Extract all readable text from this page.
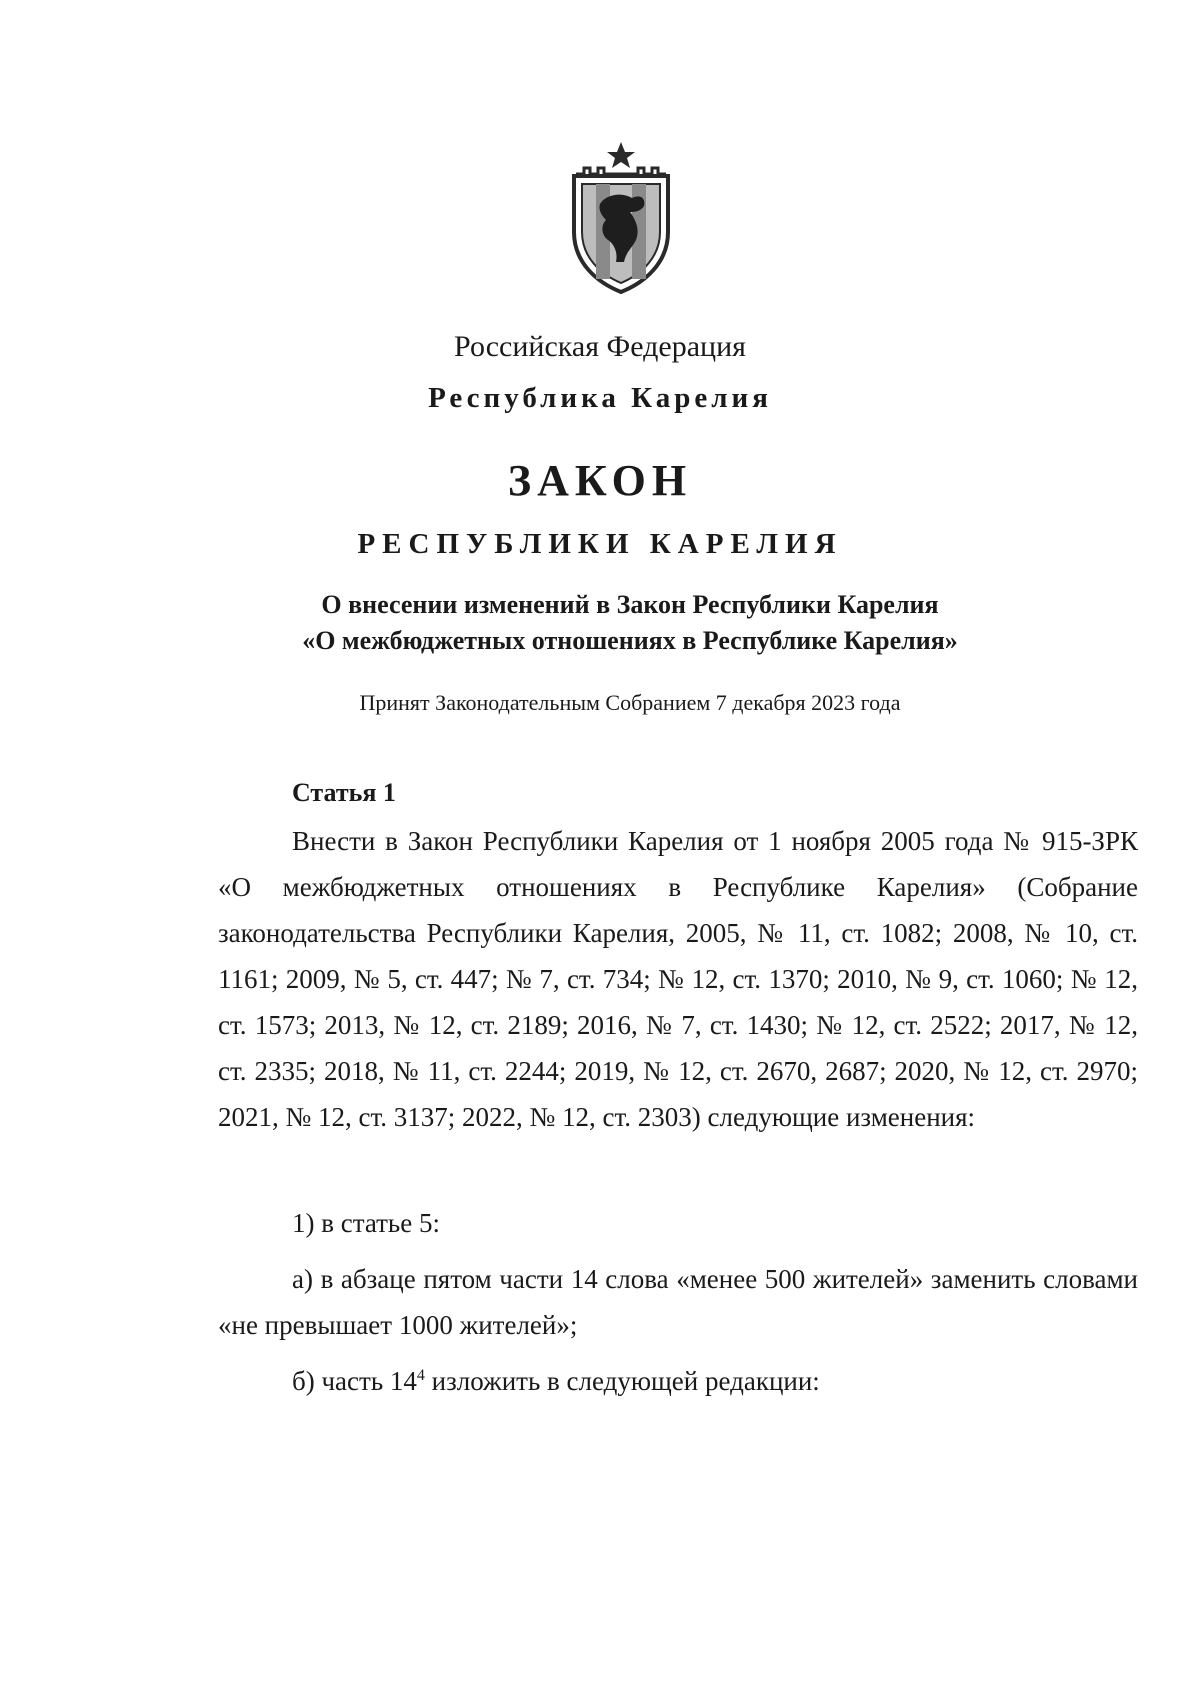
Российская Федерация
Республика Карелия
ЗАКОН
РЕСПУБЛИКИ КАРЕЛИЯ
О внесении изменений в Закон Республики Карелия
«О межбюджетных отношениях в Республике Карелия»
Принят Законодательным Собранием 7 декабря 2023 года
Статья 1

Внести в Закон Республики Карелия от 1 ноября 2005 года № 915-ЗРК «О межбюджетных отношениях в Республике Карелия» (Собрание законодательства Республики Карелия, 2005, № 11, ст. 1082; 2008, № 10, ст. 1161; 2009, № 5, ст. 447; № 7, ст. 734; № 12, ст. 1370; 2010, № 9, ст. 1060; № 12, ст. 1573; 2013, № 12, ст. 2189; 2016, № 7, ст. 1430; № 12, ст. 2522; 2017, № 12, ст. 2335; 2018, № 11, ст. 2244; 2019, № 12, ст. 2670, 2687; 2020, № 12, ст. 2970; 2021, № 12, ст. 3137; 2022, № 12, ст. 2303) следующие изменения:

1) в статье 5:

а) в абзаце пятом части 14 слова «менее 500 жителей» заменить словами «не превышает 1000 жителей»;

б) часть $14^4$ изложить в следующей редакции:
